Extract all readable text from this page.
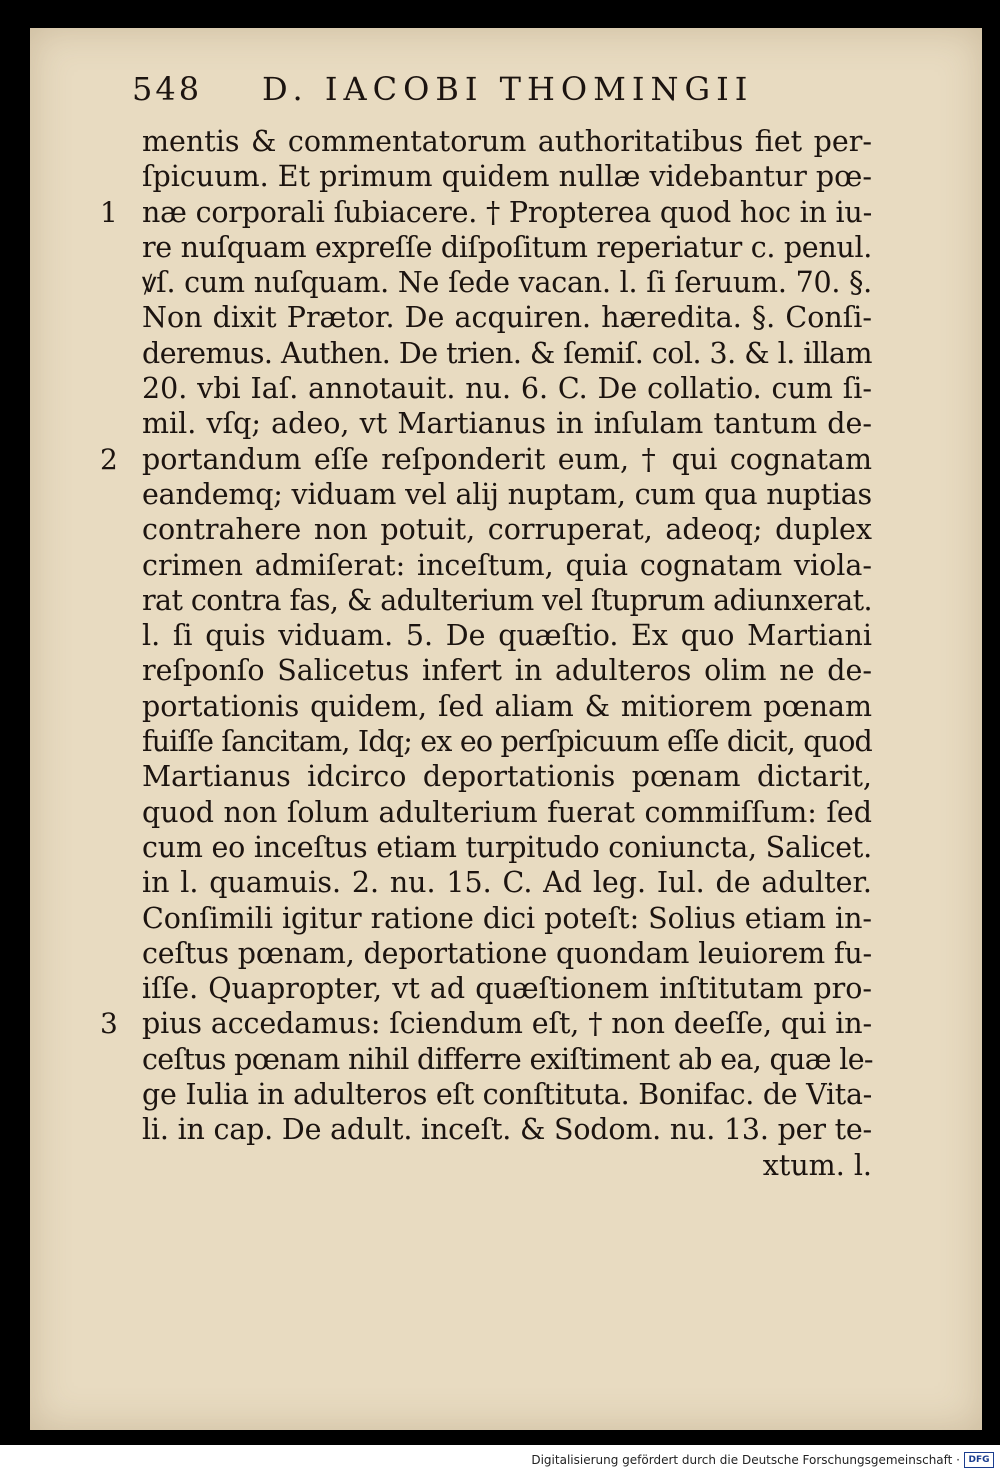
548 D. IACOBI THOMINGII
mentis & commentatorum authoritatibus fiet per-
ſpicuum. Et primum quidem nullæ videbantur pœ-
1 næ corporali ſubiacere. † Propterea quod hoc in iu-
re nuſquam expreſſe diſpoſitum reperiatur c. penul.
ꝟſ. cum nuſquam. Ne ſede vacan. l. ſi ſeruum. 70. §.
Non dixit Prætor. De acquiren. hæredita. §. Conſi-
deremus. Authen. De trien. & ſemiſ. col. 3. & l. illam
20. vbi Iaſ. annotauit. nu. 6. C. De collatio. cum ſi-
mil. vſq; adeo, vt Martianus in inſulam tantum de-
2 portandum eſſe reſponderit eum, † qui cognatam
eandemq; viduam vel alij nuptam, cum qua nuptias
contrahere non potuit, corruperat, adeoq; duplex
crimen admiſerat: inceſtum, quia cognatam viola-
rat contra fas, & adulterium vel ſtuprum adiunxerat.
l. ſi quis viduam. 5. De quæſtio. Ex quo Martiani
reſponſo Salicetus infert in adulteros olim ne de-
portationis quidem, ſed aliam & mitiorem pœnam
fuiſſe ſancitam, Idq; ex eo perſpicuum eſſe dicit, quod
Martianus idcirco deportationis pœnam dictarit,
quod non ſolum adulterium fuerat commiſſum: ſed
cum eo inceſtus etiam turpitudo coniuncta, Salicet.
in l. quamuis. 2. nu. 15. C. Ad leg. Iul. de adulter.
Conſimili igitur ratione dici poteſt: Solius etiam in-
ceſtus pœnam, deportatione quondam leuiorem fu-
iſſe. Quapropter, vt ad quæſtionem inſtitutam pro-
3 pius accedamus: ſciendum eſt, † non deeſſe, qui in-
ceſtus pœnam nihil differre exiſtiment ab ea, quæ le-
ge Iulia in adulteros eſt conſtituta. Bonifac. de Vita-
li. in cap. De adult. inceſt. & Sodom. nu. 13. per te-
xtum. l.
Digitalisierung gefördert durch die Deutsche Forschungsgemeinschaft · DFG
